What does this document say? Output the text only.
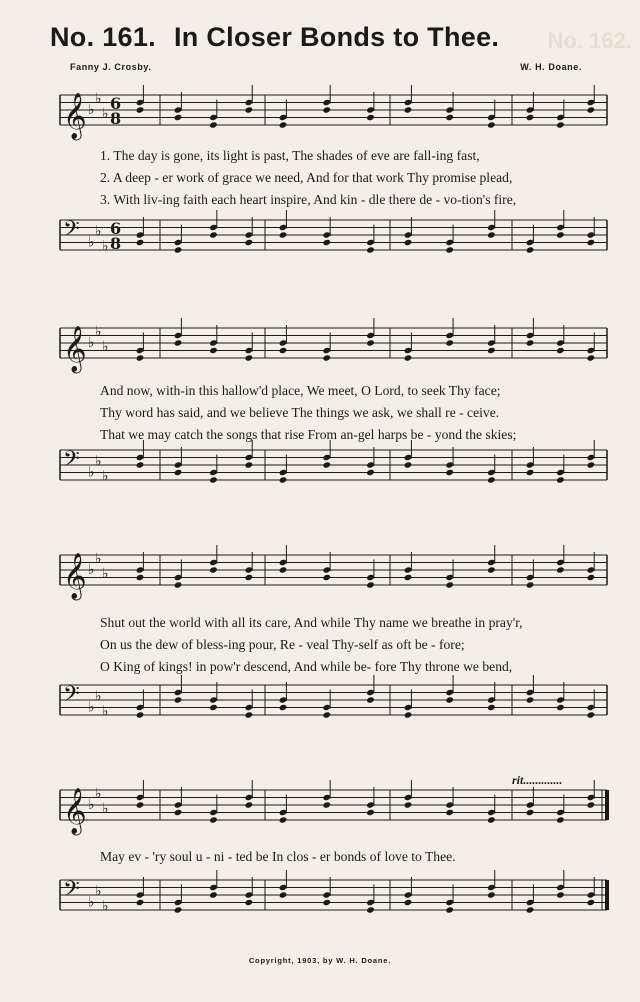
No. 161. In Closer Bonds to Thee. No. 162.
Fanny J. Crosby.	W. H. Doane.
𝄞 ♭
♭
♭
6
8
1. The day is gone, its light is past, The shades of eve are fall-ing fast,
2. A deep - er work of grace we need, And for that work Thy promise plead,
3. With liv-ing faith each heart inspire, And kin - dle there de - vo-tion's fire,
𝄢 ♭
♭
♭
6
8
𝄞 ♭
♭
♭
And now, with-in this hallow'd place, We meet, O Lord, to seek Thy face;
Thy word has said, and we believe The things we ask, we shall re - ceive.
That we may catch the songs that rise From an-gel harps be - yond the skies;
𝄢 ♭
♭
♭
𝄞 ♭
♭
♭
Shut out the world with all its care, And while Thy name we breathe in pray'r,
On us the dew of bless-ing pour, Re - veal Thy-self as oft be - fore;
O King of kings! in pow'r descend, And while be- fore Thy throne we bend,
𝄢 ♭
♭
♭
rit.............
𝄞 ♭
♭
♭
May ev - 'ry soul u - ni - ted be In clos - er bonds of love to Thee.
𝄢 ♭
♭
♭
Copyright, 1903, by W. H. Doane.
